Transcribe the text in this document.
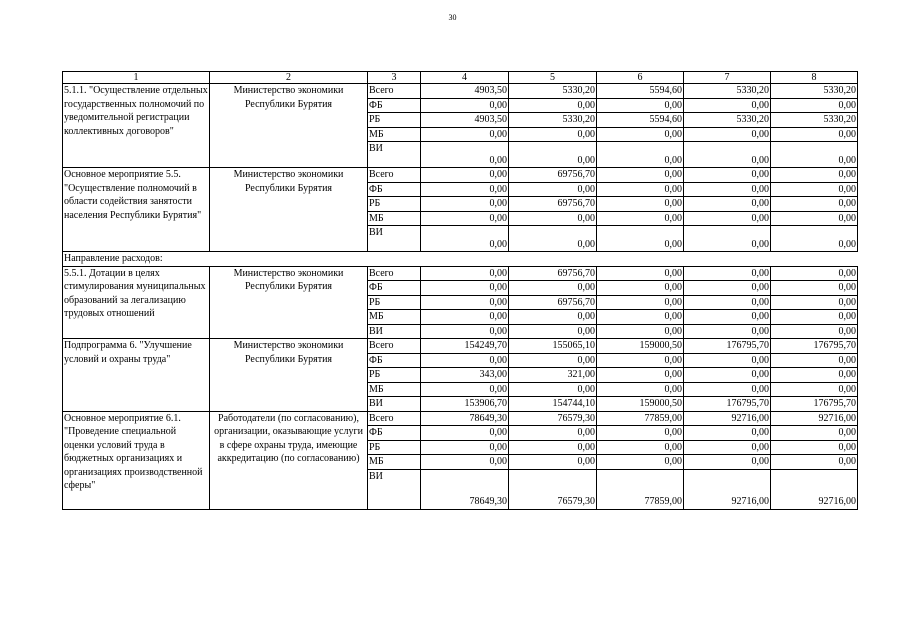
30
1	2	3	4	5	6	7	8
5.1.1. "Осуществление отдельных государственных полномочий по уведомительной регистрации коллективных договоров"	Министерство экономики Республики Бурятия	Всего	4903,50	5330,20	5594,60	5330,20	5330,20
		ФБ	0,00	0,00	0,00	0,00	0,00
		РБ	4903,50	5330,20	5594,60	5330,20	5330,20
		МБ	0,00	0,00	0,00	0,00	0,00
		ВИ	0,00	0,00	0,00	0,00	0,00
Основное мероприятие 5.5. "Осуществление полномочий в области содействия занятости населения Республики Бурятия"	Министерство экономики Республики Бурятия	Всего	0,00	69756,70	0,00	0,00	0,00
		ФБ	0,00	0,00	0,00	0,00	0,00
		РБ	0,00	69756,70	0,00	0,00	0,00
		МБ	0,00	0,00	0,00	0,00	0,00
		ВИ	0,00	0,00	0,00	0,00	0,00
Направление расходов:							
5.5.1. Дотации в целях стимулирования муниципальных образований за легализацию трудовых отношений	Министерство экономики Республики Бурятия	Всего	0,00	69756,70	0,00	0,00	0,00
		ФБ	0,00	0,00	0,00	0,00	0,00
		РБ	0,00	69756,70	0,00	0,00	0,00
		МБ	0,00	0,00	0,00	0,00	0,00
		ВИ	0,00	0,00	0,00	0,00	0,00
Подпрограмма 6. "Улучшение условий и охраны труда"	Министерство экономики Республики Бурятия	Всего	154249,70	155065,10	159000,50	176795,70	176795,70
		ФБ	0,00	0,00	0,00	0,00	0,00
		РБ	343,00	321,00	0,00	0,00	0,00
		МБ	0,00	0,00	0,00	0,00	0,00
		ВИ	153906,70	154744,10	159000,50	176795,70	176795,70
Основное мероприятие 6.1. "Проведение специальной оценки условий труда в бюджетных организациях и организациях производственной сферы"	Работодатели (по согласованию), организации, оказывающие услуги в сфере охраны труда, имеющие аккредитацию (по согласованию)	Всего	78649,30	76579,30	77859,00	92716,00	92716,00
		ФБ	0,00	0,00	0,00	0,00	0,00
		РБ	0,00	0,00	0,00	0,00	0,00
		МБ	0,00	0,00	0,00	0,00	0,00
		ВИ	78649,30	76579,30	77859,00	92716,00	92716,00
